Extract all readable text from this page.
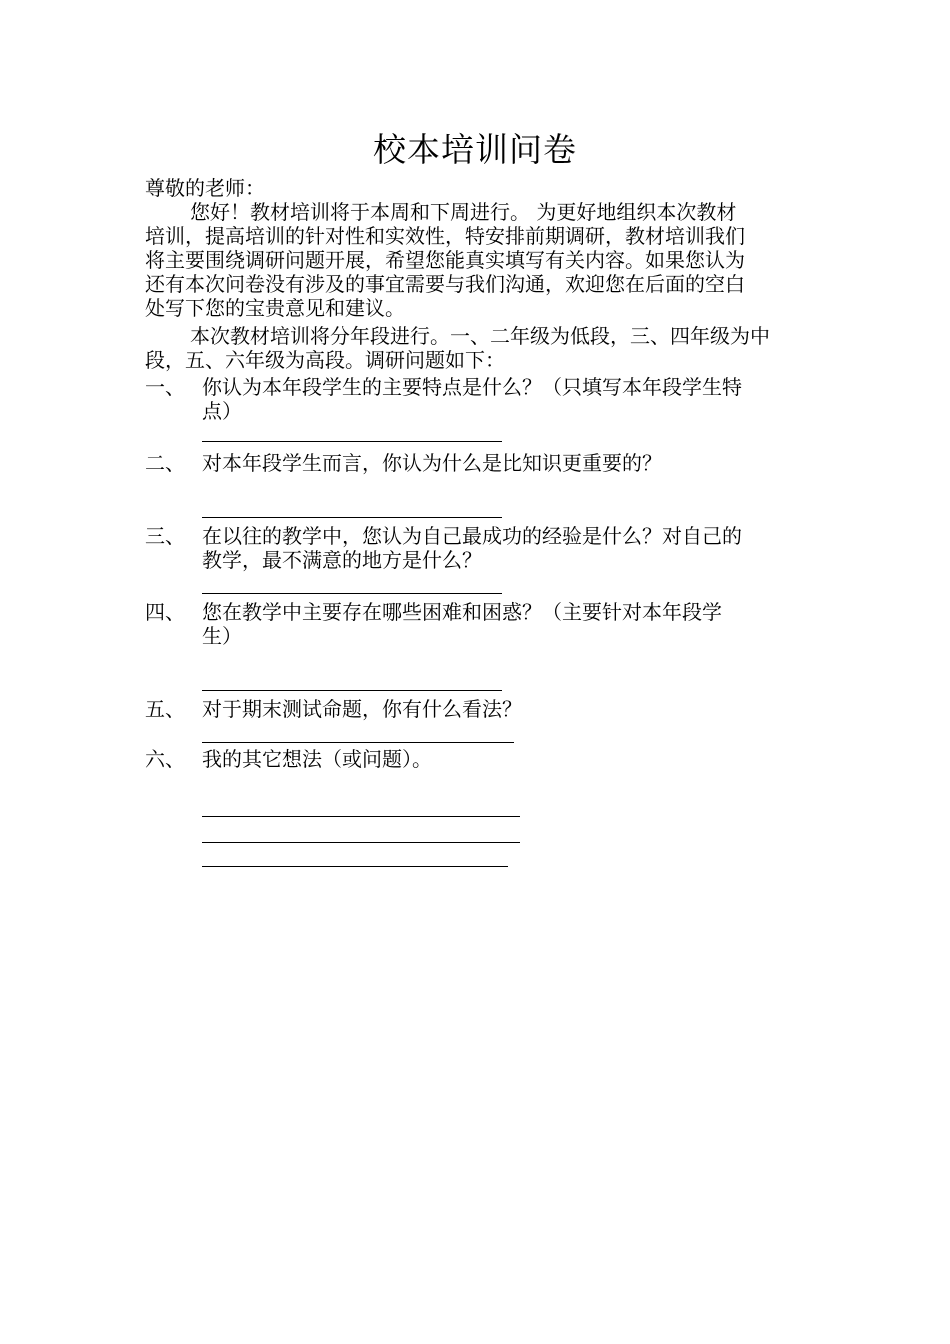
校本培训问卷
尊敬的老师：
您好！教材培训将于本周和下周进行。 为更好地组织本次教材
培训，提高培训的针对性和实效性，特安排前期调研，教材培训我们
将主要围绕调研问题开展，希望您能真实填写有关内容。如果您认为
还有本次问卷没有涉及的事宜需要与我们沟通，欢迎您在后面的空白
处写下您的宝贵意见和建议。
本次教材培训将分年段进行。一、二年级为低段，三、四年级为中
段，五、六年级为高段。调研问题如下：
一、 你认为本年段学生的主要特点是什么？（只填写本年段学生特
点）
二、 对本年段学生而言，你认为什么是比知识更重要的？
三、 在以往的教学中，您认为自己最成功的经验是什么？对自己的
教学，最不满意的地方是什么？
四、 您在教学中主要存在哪些困难和困惑？（主要针对本年段学
生）
五、 对于期末测试命题，你有什么看法？
六、 我的其它想法（或问题）。
